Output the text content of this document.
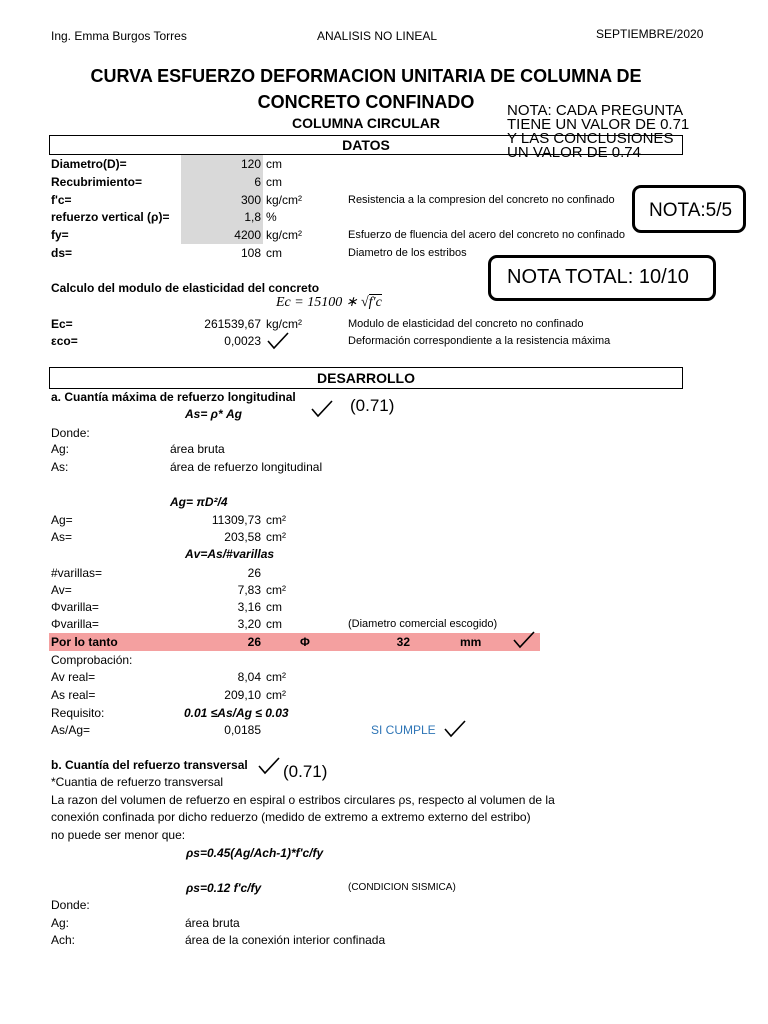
Ing. Emma Burgos Torres	ANALISIS NO LINEAL	SEPTIEMBRE/2020
CURVA ESFUERZO DEFORMACION UNITARIA DE COLUMNA DE
CONCRETO CONFINADO
COLUMNA CIRCULAR
NOTA: CADA PREGUNTA
TIENE UN VALOR DE 0.71
Y LAS CONCLUSIONES
UN VALOR DE 0.74
DATOS
Diametro(D)=	120 cm
Recubrimiento=	6 cm
f'c=	300 kg/cm²	Resistencia a la compresion del concreto no confinado
refuerzo vertical (ρ)=	1,8 %
fy=	4200 kg/cm²	Esfuerzo de fluencia del acero del concreto no confinado
ds=	108 cm	Diametro de los estribos
NOTA:5/5
NOTA TOTAL: 10/10
Calculo del modulo de elasticidad del concreto
Ec = 15100 ∗ √f′c
Ec=	261539,67 kg/cm²	Modulo de elasticidad del concreto no confinado
εco=	0,0023	Deformación correspondiente a la resistencia máxima
DESARROLLO
a. Cuantía máxima de refuerzo longitudinal
As= ρ* Ag	(0.71)
Donde:
Ag:	área bruta
As:	área de refuerzo longitudinal
Ag= πD²/4
Ag=	11309,73 cm²
As=	203,58 cm²
Av=As/#varillas
#varillas=	26
Av=	7,83 cm²
Φvarilla=	3,16 cm
Φvarilla=	3,20 cm	(Diametro comercial escogido)
Por lo tanto	26	Φ	32	mm
Comprobación:
Av real=	8,04 cm²
As real=	209,10 cm²
Requisito:	0.01 ≤As/Ag ≤ 0.03
As/Ag=	0,0185	SI CUMPLE
b. Cuantía del refuerzo transversal (0.71)
*Cuantia de refuerzo transversal
La razon del volumen de refuerzo en espiral o estribos circulares ρs, respecto al volumen de la
conexión confinada por dicho reduerzo (medido de extremo a extremo externo del estribo)
no puede ser menor que:
ρs=0.45(Ag/Ach-1)*f'c/fy
ρs=0.12 f'c/fy	(CONDICION SISMICA)
Donde:
Ag:	área bruta
Ach:	área de la conexión interior confinada
